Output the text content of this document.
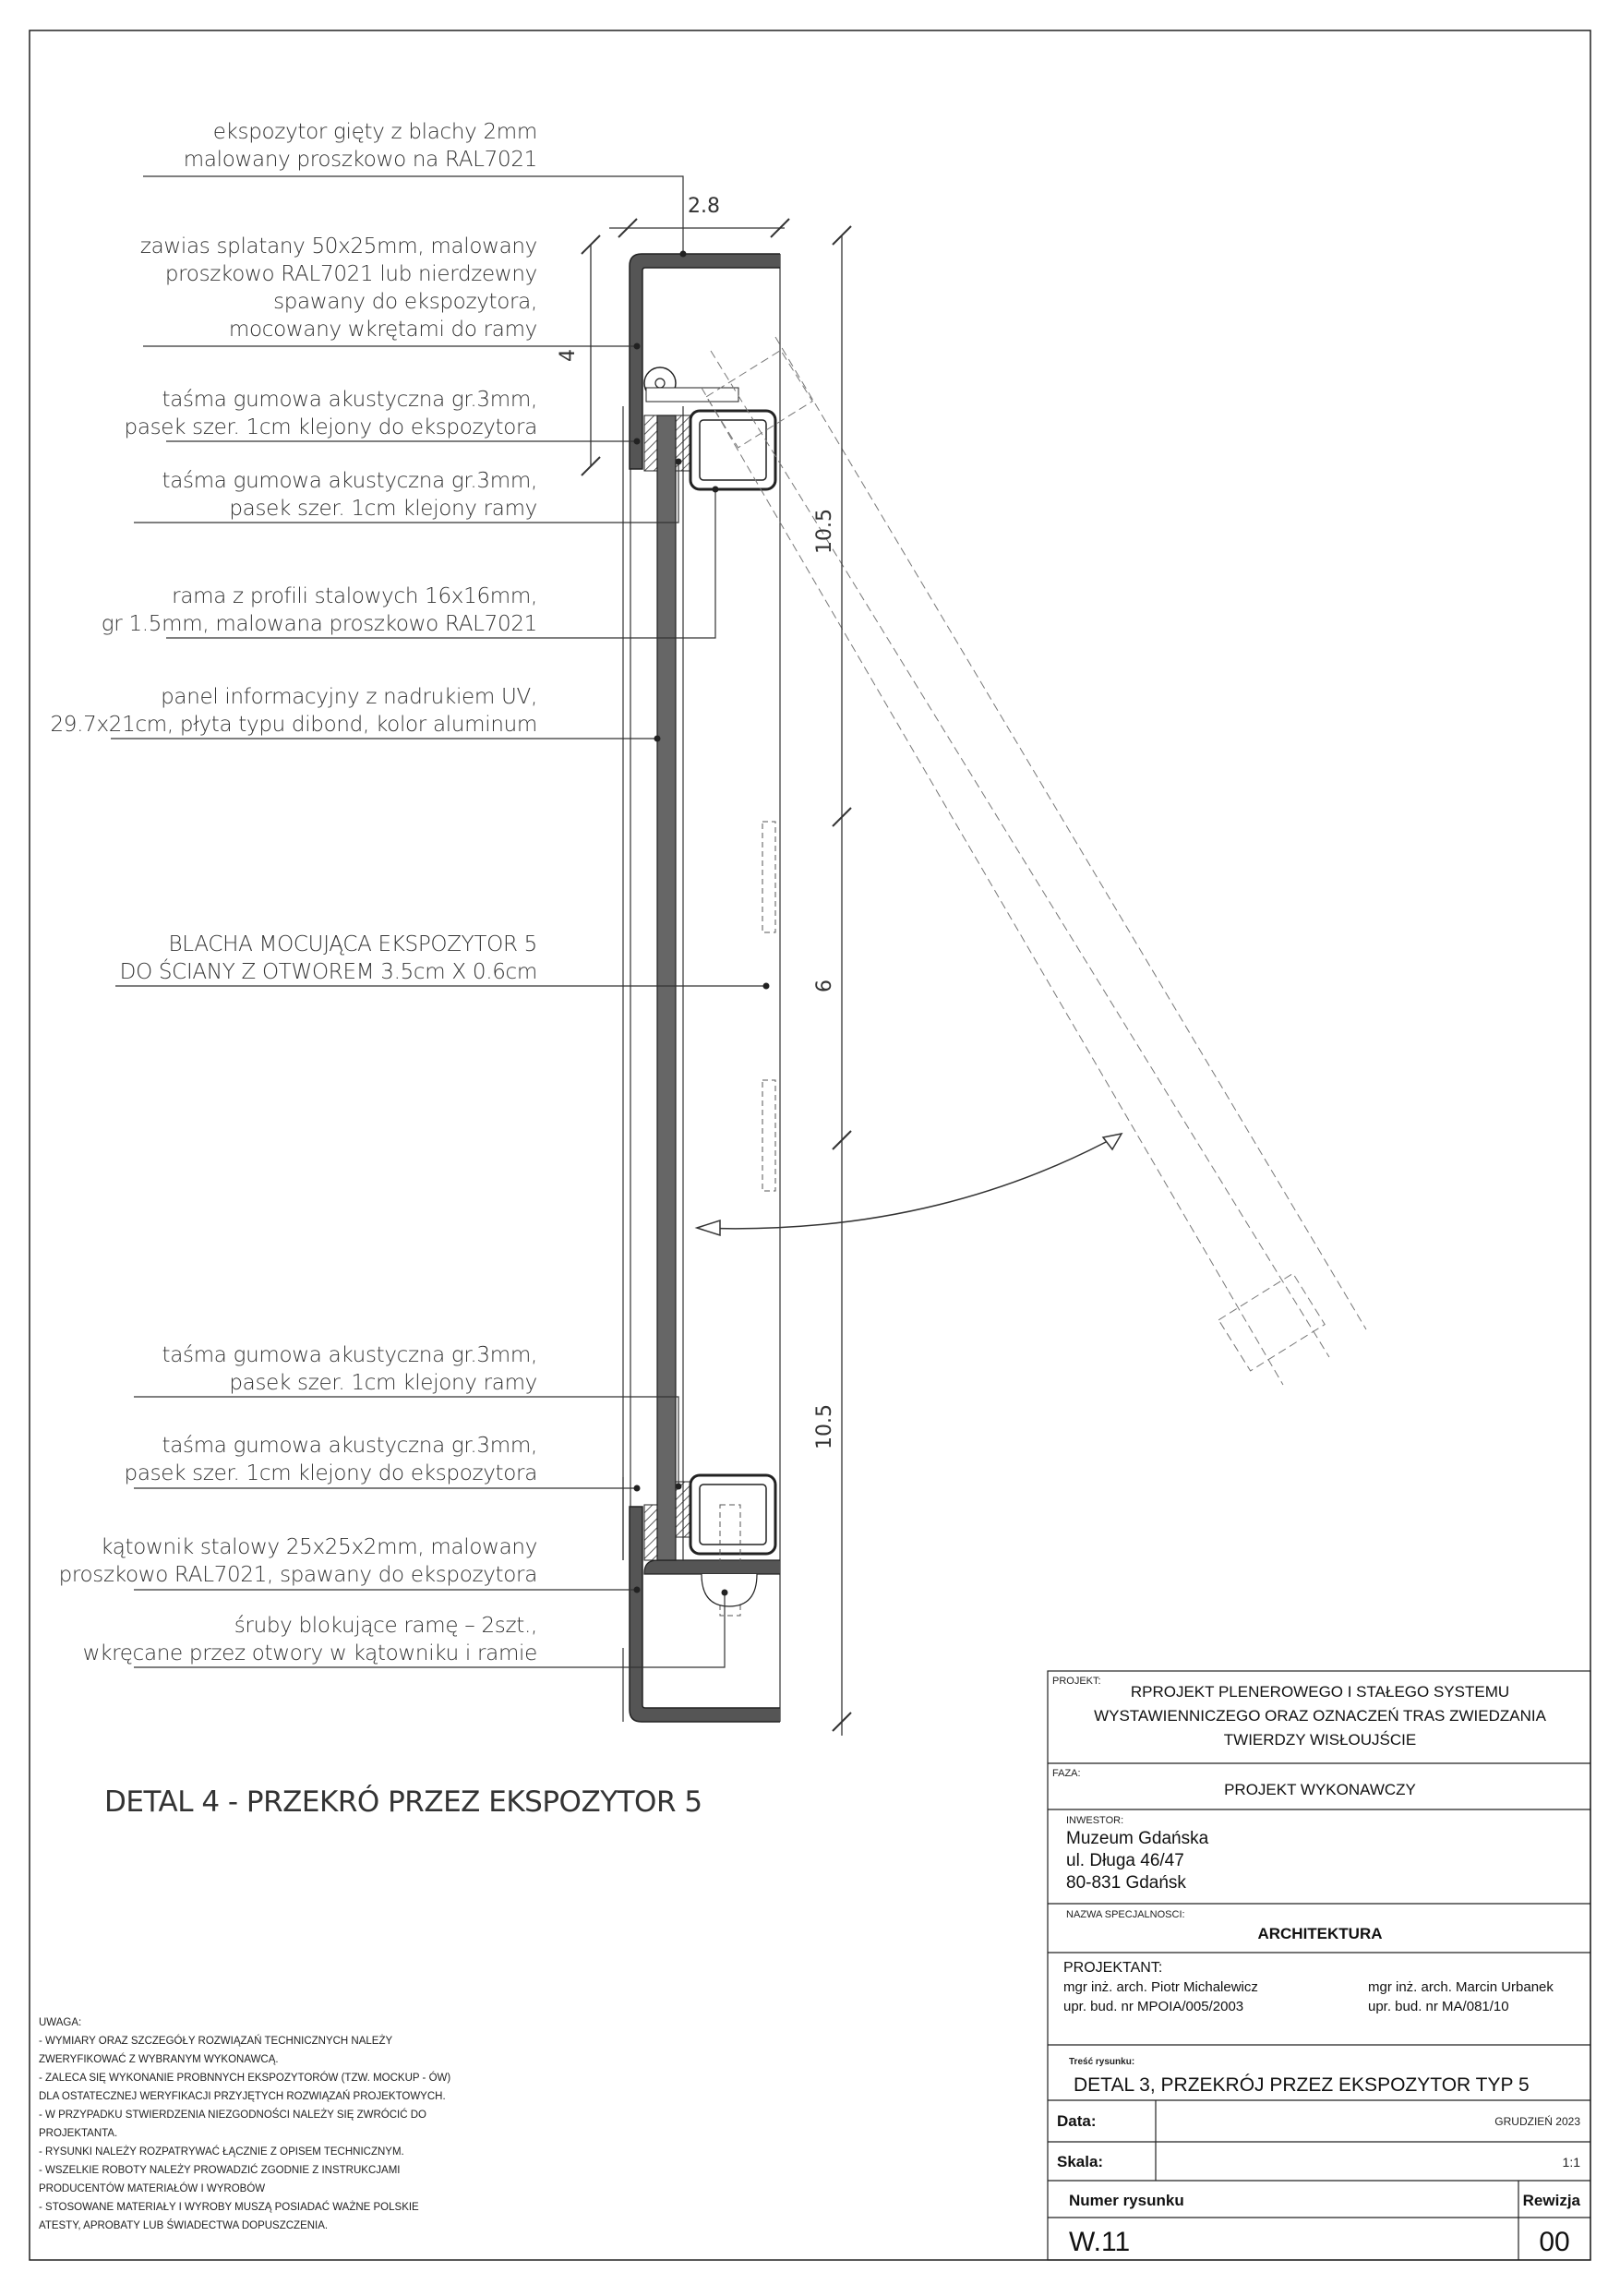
2.8
4
10.5
6
10.5
ekspozytor gięty z blachy 2mm
malowany proszkowo na RAL7021
zawias splatany 50x25mm, malowany
proszkowo RAL7021 lub nierdzewny
spawany do ekspozytora,
mocowany wkrętami do ramy
taśma gumowa akustyczna gr.3mm,
pasek szer. 1cm klejony do ekspozytora
taśma gumowa akustyczna gr.3mm,
pasek szer. 1cm klejony ramy
rama z profili stalowych 16x16mm,
gr 1.5mm, malowana proszkowo RAL7021
panel informacyjny z nadrukiem UV,
29.7x21cm, płyta typu dibond, kolor aluminum
BLACHA MOCUJĄCA EKSPOZYTOR 5
DO ŚCIANY Z OTWOREM 3.5cm X 0.6cm
taśma gumowa akustyczna gr.3mm,
pasek szer. 1cm klejony ramy
taśma gumowa akustyczna gr.3mm,
pasek szer. 1cm klejony do ekspozytora
kątownik stalowy 25x25x2mm, malowany
proszkowo RAL7021, spawany do ekspozytora
śruby blokujące ramę – 2szt.,
wkręcane przez otwory w kątowniku i ramie
DETAL 4 - PRZEKRÓ PRZEZ EKSPOZYTOR 5
UWAGA:
- WYMIARY ORAZ SZCZEGÓŁY ROZWIĄZAŃ TECHNICZNYCH NALEŻY
ZWERYFIKOWAĆ Z WYBRANYM WYKONAWCĄ.
- ZALECA SIĘ WYKONANIE PROBNNYCH EKSPOZYTORÓW (TZW. MOCKUP - ÓW)
DLA OSTATECZNEJ WERYFIKACJI PRZYJĘTYCH ROZWIĄZAŃ PROJEKTOWYCH.
- W PRZYPADKU STWIERDZENIA NIEZGODNOŚCI NALEŻY SIĘ ZWRÓCIĆ DO
PROJEKTANTA.
- RYSUNKI NALEŻY ROZPATRYWAĆ ŁĄCZNIE Z OPISEM TECHNICZNYM.
- WSZELKIE ROBOTY NALEŻY PROWADZIĆ ZGODNIE Z INSTRUKCJAMI
PRODUCENTÓW MATERIAŁÓW I WYROBÓW
- STOSOWANE MATERIAŁY I WYROBY MUSZĄ POSIADAĆ WAŻNE POLSKIE
ATESTY, APROBATY LUB ŚWIADECTWA DOPUSZCZENIA.
PROJEKT:
RPROJEKT PLENEROWEGO I STAŁEGO SYSTEMU
WYSTAWIENNICZEGO ORAZ OZNACZEŃ TRAS ZWIEDZANIA
TWIERDZY WISŁOUJŚCIE
FAZA:
PROJEKT WYKONAWCZY
INWESTOR:
Muzeum Gdańska
ul. Długa 46/47
80-831 Gdańsk
NAZWA SPECJALNOSCI:
ARCHITEKTURA
PROJEKTANT:
mgr inż. arch. Piotr Michalewicz
upr. bud. nr MPOIA/005/2003
mgr inż. arch. Marcin Urbanek
upr. bud. nr MA/081/10
Treść rysunku:
DETAL 3, PRZEKRÓJ PRZEZ EKSPOZYTOR TYP 5
Data:	GRUDZIEŃ 2023
Skala:	1:1
Numer rysunku	Rewizja
W.11	00
